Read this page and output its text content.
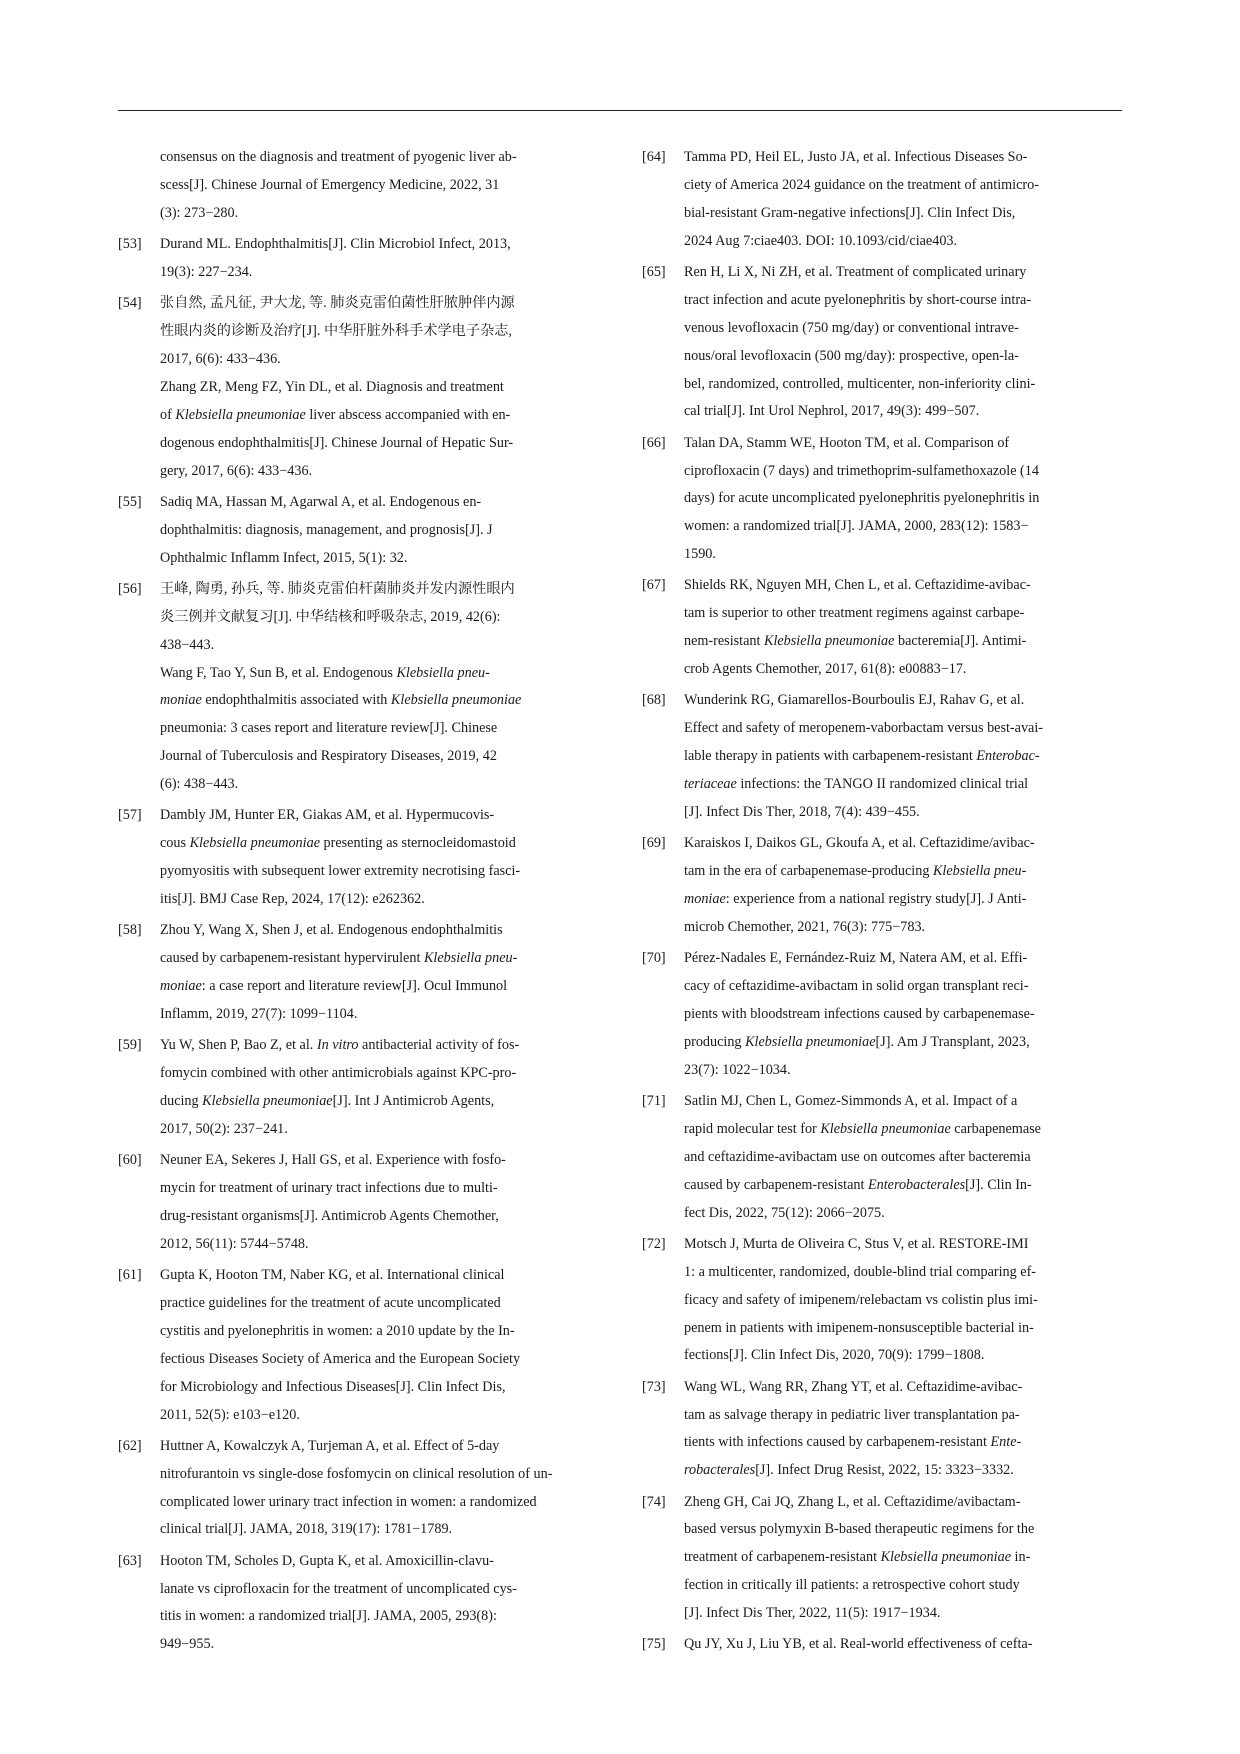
consensus on the diagnosis and treatment of pyogenic liver ab-
scess[J]. Chinese Journal of Emergency Medicine, 2022, 31
(3): 273−280.
[53] Durand ML. Endophthalmitis[J]. Clin Microbiol Infect, 2013,
19(3): 227−234.
[54] 张自然, 孟凡征, 尹大龙, 等. 肺炎克雷伯菌性肝脓肿伴内源
性眼内炎的诊断及治疗[J]. 中华肝脏外科手术学电子杂志,
2017, 6(6): 433−436.
Zhang ZR, Meng FZ, Yin DL, et al. Diagnosis and treatment
of Klebsiella pneumoniae liver abscess accompanied with en-
dogenous endophthalmitis[J]. Chinese Journal of Hepatic Sur-
gery, 2017, 6(6): 433−436.
[55] Sadiq MA, Hassan M, Agarwal A, et al. Endogenous en-
dophthalmitis: diagnosis, management, and prognosis[J]. J
Ophthalmic Inflamm Infect, 2015, 5(1): 32.
[56] 王峰, 陶勇, 孙兵, 等. 肺炎克雷伯杆菌肺炎并发内源性眼内
炎三例并文献复习[J]. 中华结核和呼吸杂志, 2019, 42(6):
438−443.
Wang F, Tao Y, Sun B, et al. Endogenous Klebsiella pneu-
moniae endophthalmitis associated with Klebsiella pneumoniae
pneumonia: 3 cases report and literature review[J]. Chinese
Journal of Tuberculosis and Respiratory Diseases, 2019, 42
(6): 438−443.
[57] Dambly JM, Hunter ER, Giakas AM, et al. Hypermucovis-
cous Klebsiella pneumoniae presenting as sternocleidomastoid
pyomyositis with subsequent lower extremity necrotising fasci-
itis[J]. BMJ Case Rep, 2024, 17(12): e262362.
[58] Zhou Y, Wang X, Shen J, et al. Endogenous endophthalmitis
caused by carbapenem-resistant hypervirulent Klebsiella pneu-
moniae: a case report and literature review[J]. Ocul Immunol
Inflamm, 2019, 27(7): 1099−1104.
[59] Yu W, Shen P, Bao Z, et al. In vitro antibacterial activity of fos-
fomycin combined with other antimicrobials against KPC-pro-
ducing Klebsiella pneumoniae[J]. Int J Antimicrob Agents,
2017, 50(2): 237−241.
[60] Neuner EA, Sekeres J, Hall GS, et al. Experience with fosfo-
mycin for treatment of urinary tract infections due to multi-
drug-resistant organisms[J]. Antimicrob Agents Chemother,
2012, 56(11): 5744−5748.
[61] Gupta K, Hooton TM, Naber KG, et al. International clinical
practice guidelines for the treatment of acute uncomplicated
cystitis and pyelonephritis in women: a 2010 update by the In-
fectious Diseases Society of America and the European Society
for Microbiology and Infectious Diseases[J]. Clin Infect Dis,
2011, 52(5): e103−e120.
[62] Huttner A, Kowalczyk A, Turjeman A, et al. Effect of 5-day
nitrofurantoin vs single-dose fosfomycin on clinical resolution of un-
complicated lower urinary tract infection in women: a randomized
clinical trial[J]. JAMA, 2018, 319(17): 1781−1789.
[63] Hooton TM, Scholes D, Gupta K, et al. Amoxicillin-clavu-
lanate vs ciprofloxacin for the treatment of uncomplicated cys-
titis in women: a randomized trial[J]. JAMA, 2005, 293(8):
949−955.
[64] Tamma PD, Heil EL, Justo JA, et al. Infectious Diseases So-
ciety of America 2024 guidance on the treatment of antimicro-
bial-resistant Gram-negative infections[J]. Clin Infect Dis,
2024 Aug 7:ciae403. DOI: 10.1093/cid/ciae403.
[65] Ren H, Li X, Ni ZH, et al. Treatment of complicated urinary
tract infection and acute pyelonephritis by short-course intra-
venous levofloxacin (750 mg/day) or conventional intrave-
nous/oral levofloxacin (500 mg/day): prospective, open-la-
bel, randomized, controlled, multicenter, non-inferiority clini-
cal trial[J]. Int Urol Nephrol, 2017, 49(3): 499−507.
[66] Talan DA, Stamm WE, Hooton TM, et al. Comparison of
ciprofloxacin (7 days) and trimethoprim-sulfamethoxazole (14
days) for acute uncomplicated pyelonephritis pyelonephritis in
women: a randomized trial[J]. JAMA, 2000, 283(12): 1583−
1590.
[67] Shields RK, Nguyen MH, Chen L, et al. Ceftazidime-avibac-
tam is superior to other treatment regimens against carbape-
nem-resistant Klebsiella pneumoniae bacteremia[J]. Antimi-
crob Agents Chemother, 2017, 61(8): e00883−17.
[68] Wunderink RG, Giamarellos-Bourboulis EJ, Rahav G, et al.
Effect and safety of meropenem-vaborbactam versus best-avai-
lable therapy in patients with carbapenem-resistant Enterobac-
teriaceae infections: the TANGO II randomized clinical trial
[J]. Infect Dis Ther, 2018, 7(4): 439−455.
[69] Karaiskos I, Daikos GL, Gkoufa A, et al. Ceftazidime/avibac-
tam in the era of carbapenemase-producing Klebsiella pneu-
moniae: experience from a national registry study[J]. J Anti-
microb Chemother, 2021, 76(3): 775−783.
[70] Pérez-Nadales E, Fernández-Ruiz M, Natera AM, et al. Effi-
cacy of ceftazidime-avibactam in solid organ transplant reci-
pients with bloodstream infections caused by carbapenemase-
producing Klebsiella pneumoniae[J]. Am J Transplant, 2023,
23(7): 1022−1034.
[71] Satlin MJ, Chen L, Gomez-Simmonds A, et al. Impact of a
rapid molecular test for Klebsiella pneumoniae carbapenemase
and ceftazidime-avibactam use on outcomes after bacteremia
caused by carbapenem-resistant Enterobacterales[J]. Clin In-
fect Dis, 2022, 75(12): 2066−2075.
[72] Motsch J, Murta de Oliveira C, Stus V, et al. RESTORE-IMI
1: a multicenter, randomized, double-blind trial comparing ef-
ficacy and safety of imipenem/relebactam vs colistin plus imi-
penem in patients with imipenem-nonsusceptible bacterial in-
fections[J]. Clin Infect Dis, 2020, 70(9): 1799−1808.
[73] Wang WL, Wang RR, Zhang YT, et al. Ceftazidime-avibac-
tam as salvage therapy in pediatric liver transplantation pa-
tients with infections caused by carbapenem-resistant Ente-
robacterales[J]. Infect Drug Resist, 2022, 15: 3323−3332.
[74] Zheng GH, Cai JQ, Zhang L, et al. Ceftazidime/avibactam-
based versus polymyxin B-based therapeutic regimens for the
treatment of carbapenem-resistant Klebsiella pneumoniae in-
fection in critically ill patients: a retrospective cohort study
[J]. Infect Dis Ther, 2022, 11(5): 1917−1934.
[75] Qu JY, Xu J, Liu YB, et al. Real-world effectiveness of cefta-
